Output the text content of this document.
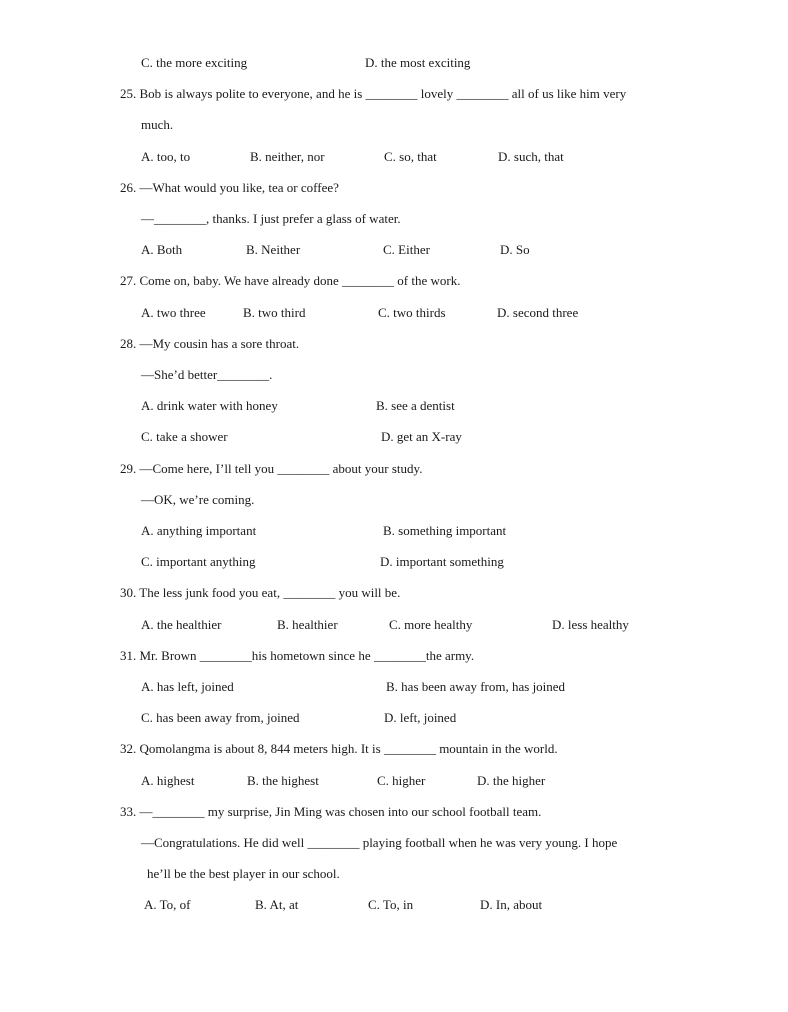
C. the more exciting	D. the most exciting
25. Bob is always polite to everyone, and he is ________ lovely ________ all of us like him very
much.
A. too, to	B. neither, nor	C. so, that	D. such, that
26. —What would you like, tea or coffee?
—________, thanks. I just prefer a glass of water.
A. Both	B. Neither	C. Either	D. So
27. Come on, baby. We have already done ________ of the work.
A. two three	B. two third	C. two thirds	D. second three
28. —My cousin has a sore throat.
—She’d better________.
A. drink water with honey	B. see a dentist
C. take a shower	D. get an X-ray
29. —Come here, I’ll tell you ________ about your study.
—OK, we’re coming.
A. anything important	B. something important
C. important anything	D. important something
30. The less junk food you eat, ________ you will be.
A. the healthier	B. healthier	C. more healthy	D. less healthy
31. Mr. Brown ________his hometown since he ________the army.
A. has left, joined	B. has been away from, has joined
C. has been away from, joined	D. left, joined
32. Qomolangma is about 8, 844 meters high. It is ________ mountain in the world.
A. highest	B. the highest	C. higher	D. the higher
33. —________ my surprise, Jin Ming was chosen into our school football team.
—Congratulations. He did well ________ playing football when he was very young. I hope
he’ll be the best player in our school.
A. To, of	B. At, at	C. To, in	D. In, about
